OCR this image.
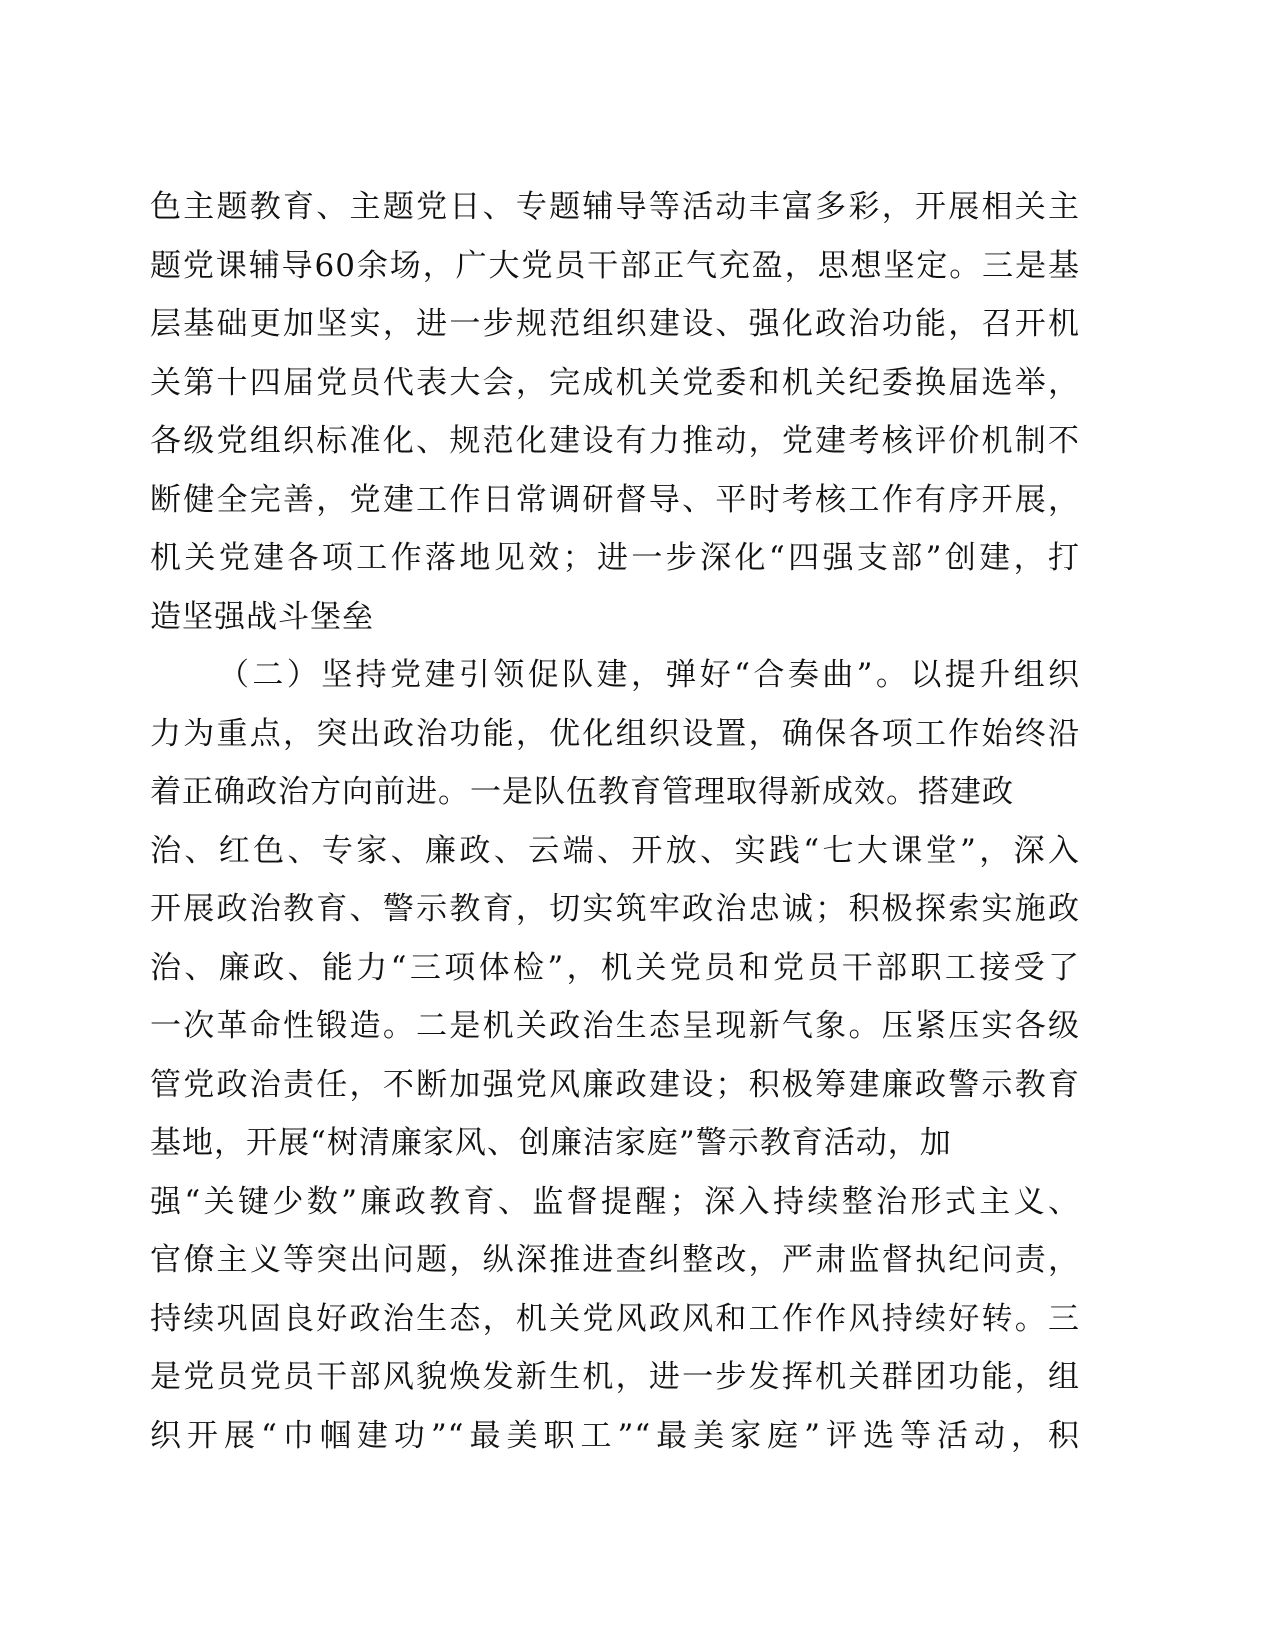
色主题教育、主题党日、专题辅导等活动丰富多彩，开展相关主
题党课辅导60余场，广大党员干部正气充盈，思想坚定。三是基
层基础更加坚实，进一步规范组织建设、强化政治功能，召开机
关第十四届党员代表大会，完成机关党委和机关纪委换届选举，
各级党组织标准化、规范化建设有力推动，党建考核评价机制不
断健全完善，党建工作日常调研督导、平时考核工作有序开展，
机关党建各项工作落地见效；进一步深化“四强支部”创建，打
造坚强战斗堡垒
（二）坚持党建引领促队建，弹好“合奏曲”。以提升组织
力为重点，突出政治功能，优化组织设置，确保各项工作始终沿
着正确政治方向前进。一是队伍教育管理取得新成效。搭建政
治、红色、专家、廉政、云端、开放、实践“七大课堂”，深入
开展政治教育、警示教育，切实筑牢政治忠诚；积极探索实施政
治、廉政、能力“三项体检”，机关党员和党员干部职工接受了
一次革命性锻造。二是机关政治生态呈现新气象。压紧压实各级
管党政治责任，不断加强党风廉政建设；积极筹建廉政警示教育
基地，开展“树清廉家风、创廉洁家庭”警示教育活动，加
强“关键少数”廉政教育、监督提醒；深入持续整治形式主义、
官僚主义等突出问题，纵深推进查纠整改，严肃监督执纪问责，
持续巩固良好政治生态，机关党风政风和工作作风持续好转。三
是党员党员干部风貌焕发新生机，进一步发挥机关群团功能，组
织开展“巾帼建功”“最美职工”“最美家庭”评选等活动，积
